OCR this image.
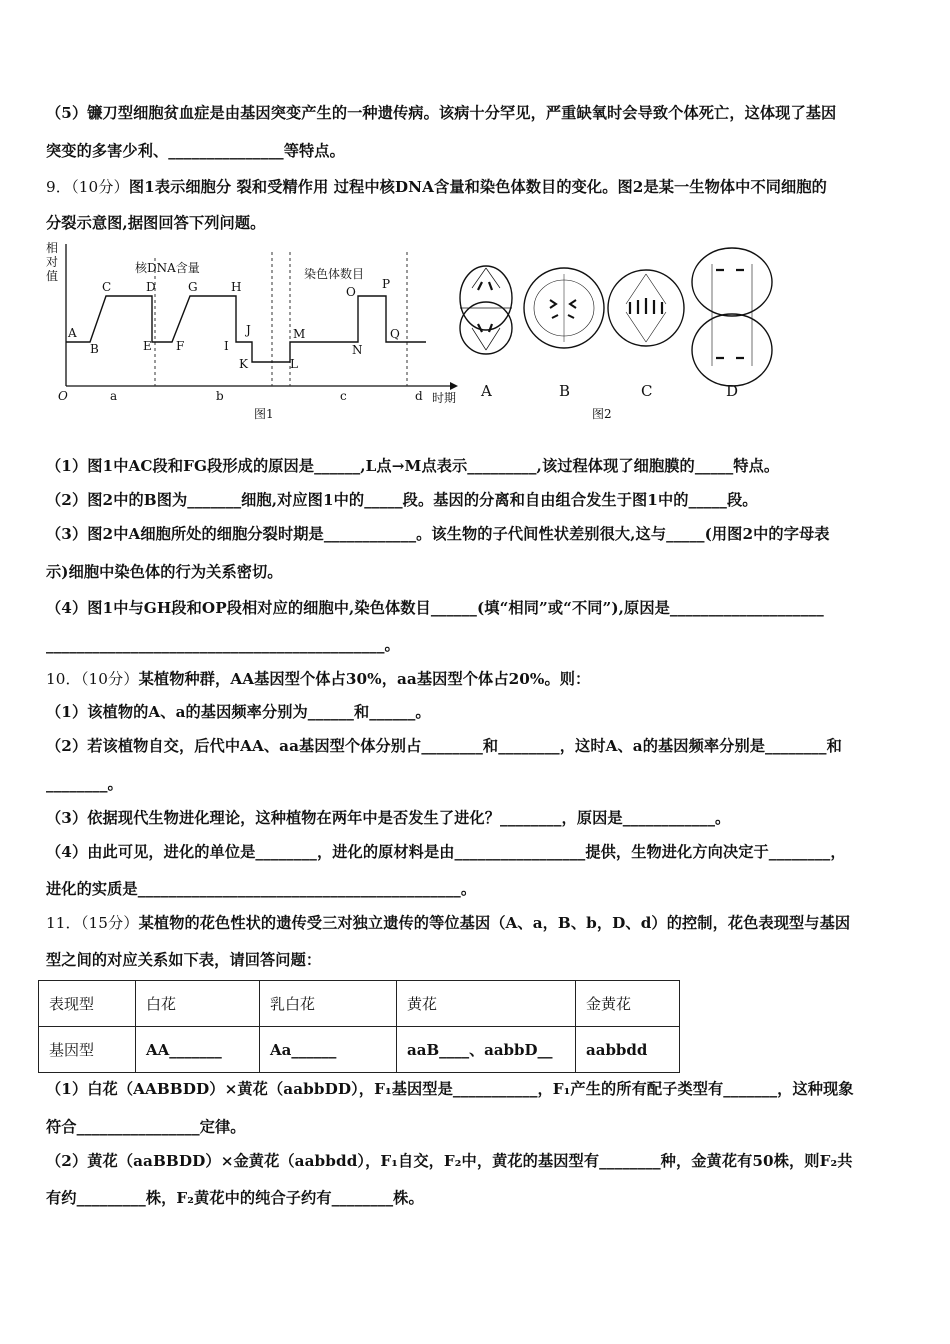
（5）镰刀型细胞贫血症是由基因突变产生的一种遗传病。该病十分罕见，严重缺氧时会导致个体死亡，这体现了基因
突变的多害少利、_______________等特点。
9．（10分）图1表示细胞分 裂和受精作用 过程中核DNA含量和染色体数目的变化。图2是某一生物体中不同细胞的
分裂示意图,据图回答下列问题。
相
对
值
O	时期
核DNA含量	染色体数目
A
B
C	D
E F
G	H
I
J
K	L
M
N
O
P
Q
a	b	c	d
图1
A	B	C	D
图2
（1）图1中AC段和FG段形成的原因是______,L点→M点表示_________,该过程体现了细胞膜的_____特点。
（2）图2中的B图为_______细胞,对应图1中的_____段。基因的分离和自由组合发生于图1中的_____段。
（3）图2中A细胞所处的细胞分裂时期是____________。该生物的子代间性状差别很大,这与_____(用图2中的字母表
示)细胞中染色体的行为关系密切。
（4）图1中与GH段和OP段相对应的细胞中,染色体数目______(填“相同”或“不同”),原因是____________________
____________________________________________。
10．（10分）某植物种群，AA基因型个体占30%，aa基因型个体占20%。则：
（1）该植物的A、a的基因频率分别为______和______。
（2）若该植物自交，后代中AA、aa基因型个体分别占________和________，这时A、a的基因频率分别是________和
________。
（3）依据现代生物进化理论，这种植物在两年中是否发生了进化？________，原因是____________。
（4）由此可见，进化的单位是________，进化的原材料是由_________________提供，生物进化方向决定于________，
进化的实质是__________________________________________。
11．（15分）某植物的花色性状的遗传受三对独立遗传的等位基因（A、a，B、b，D、d）的控制，花色表现型与基因
型之间的对应关系如下表，请回答问题：
表现型	白花	乳白花	黄花	金黄花
基因型	AA_______	Aa______	aaB____、aabbD__	aabbdd
（1）白花（AABBDD）×黄花（aabbDD），F₁基因型是___________，F₁产生的所有配子类型有_______，这种现象
符合________________定律。
（2）黄花（aaBBDD）×金黄花（aabbdd），F₁自交，F₂中，黄花的基因型有________种，金黄花有50株，则F₂共
有约_________株，F₂黄花中的纯合子约有________株。
